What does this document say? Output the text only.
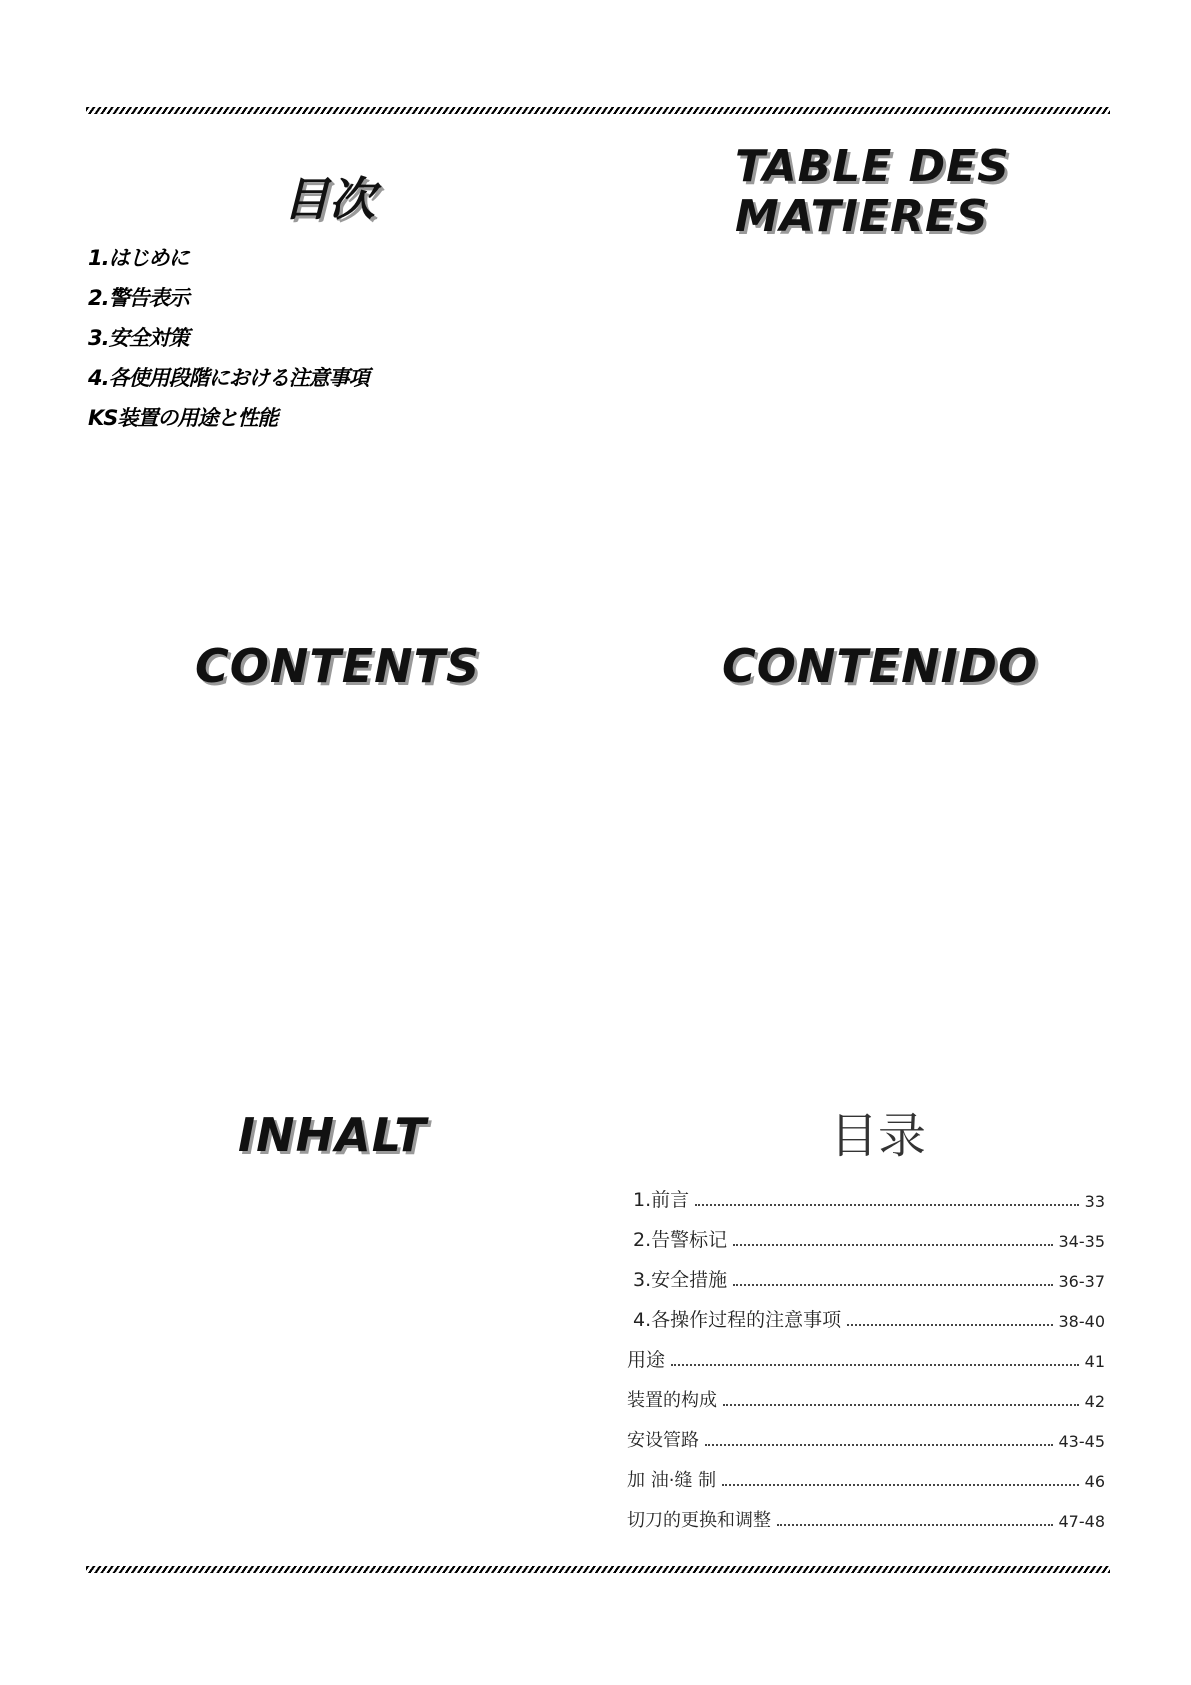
目次
TABLE DES
MATIERES
1.はじめに
2.警告表示
3.安全対策
4.各使用段階における注意事項
KS装置の用途と性能
CONTENTS	CONTENIDO
INHALT	目录
1.前言	33
2.告警标记	34-35
3.安全措施	36-37
4.各操作过程的注意事项	38-40
用途	41
装置的构成	42
安设管路	43-45
加 油·缝 制	46
切刀的更换和调整	47-48
